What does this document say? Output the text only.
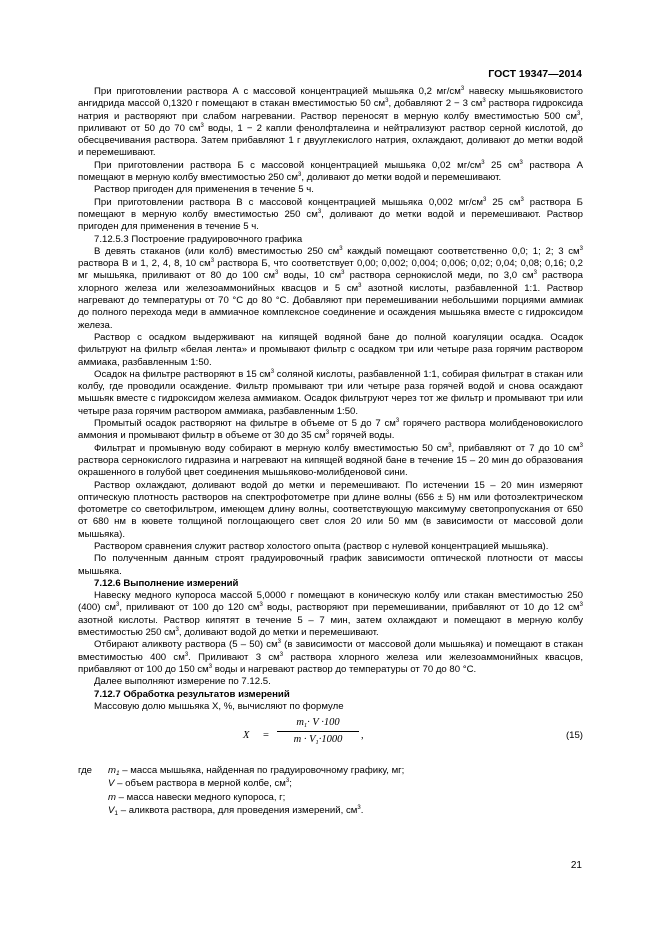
ГОСТ 19347—2014

При приготовлении раствора А с массовой концентрацией мышьяка 0,2 $мг/см^3$ навеску мышьяковистого ангидрида массой 0,1320 г помещают в стакан вместимостью 50 $см^3$, добавляют 2 − 3 $см^3$ раствора гидроксида натрия и растворяют при слабом нагревании. Раствор переносят в мерную колбу вместимостью 500 $см^3$, приливают от 50 до 70 $см^3$ воды, 1 − 2 капли фенолфталеина и нейтрализуют раствор серной кислотой, до обесцвечивания раствора. Затем прибавляют 1 г двууглекислого натрия, охлаждают, доливают до метки водой и перемешивают.

При приготовлении раствора Б с массовой концентрацией мышьяка 0,02 $мг/см^3$ 25 $см^3$ раствора А помещают в мерную колбу вместимостью 250 $см^3$, доливают до метки водой и перемешивают.

Раствор пригоден для применения в течение 5 ч.

При приготовлении раствора В с массовой концентрацией мышьяка 0,002 $мг/см^3$ 25 $см^3$ раствора Б помещают в мерную колбу вместимостью 250 $см^3$, доливают до метки водой и перемешивают. Раствор пригоден для применения в течение 5 ч.

7.12.5.3 Построение градуировочного графика

В девять стаканов (или колб) вместимостью 250 $см^3$ каждый помещают соответственно 0,0; 1; 2; 3 $см^3$ раствора В и 1, 2, 4, 8, 10 $см^3$ раствора Б, что соответствует 0,00; 0,002; 0,004; 0,006; 0,02; 0,04; 0,08; 0,16; 0,2 мг мышьяка, приливают от 80 до 100 $см^3$ воды, 10 $см^3$ раствора сернокислой меди, по 3,0 $см^3$ раствора хлорного железа или железоаммонийных квасцов и 5 $см^3$ азотной кислоты, разбавленной 1:1. Раствор нагревают до температуры от 70 °С до 80 °С. Добавляют при перемешивании небольшими порциями аммиак до полного перехода меди в аммиачное комплексное соединение и осаждения мышьяка вместе с гидроксидом железа.

Раствор с осадком выдерживают на кипящей водяной бане до полной коагуляции осадка. Осадок фильтруют на фильтр «белая лента» и промывают фильтр с осадком три или четыре раза горячим раствором аммиака, разбавленным 1:50.

Осадок на фильтре растворяют в 15 $см^3$ соляной кислоты, разбавленной 1:1, собирая фильтрат в стакан или колбу, где проводили осаждение. Фильтр промывают три или четыре раза горячей водой и снова осаждают мышьяк вместе с гидроксидом железа аммиаком. Осадок фильтруют через тот же фильтр и промывают три или четыре раза горячим раствором аммиака, разбавленным 1:50.

Промытый осадок растворяют на фильтре в объеме от 5 до 7 $см^3$ горячего раствора молибденовокислого аммония и промывают фильтр в объеме от 30 до 35 $см^3$ горячей воды.

Фильтрат и промывную воду собирают в мерную колбу вместимостью 50 $см^3$, прибавляют от 7 до 10 $см^3$ раствора сернокислого гидразина и нагревают на кипящей водяной бане в течение 15 – 20 мин до образования окрашенного в голубой цвет соединения мышьяково-молибденовой сини.

Раствор охлаждают, доливают водой до метки и перемешивают. По истечении 15 – 20 мин измеряют оптическую плотность растворов на спектрофотометре при длине волны (656 ± 5) нм или фотоэлектрическом фотометре со светофильтром, имеющем длину волны, соответствующую максимуму светопропускания от 650 от 680 нм в кювете толщиной поглощающего свет слоя 20 или 50 мм (в зависимости от массовой доли мышьяка).

Раствором сравнения служит раствор холостого опыта (раствор с нулевой концентрацией мышьяка).

По полученным данным строят градуировочный график зависимости оптической плотности от массы мышьяка.

7.12.6 Выполнение измерений

Навеску медного купороса массой 5,0000 г помещают в коническую колбу или стакан вместимостью 250 (400) $см^3$, приливают от 100 до 120 $см^3$ воды, растворяют при перемешивании, прибавляют от 10 до 12 $см^3$ азотной кислоты. Раствор кипятят в течение 5 – 7 мин, затем охлаждают и помещают в мерную колбу вместимостью 250 $см^3$, доливают водой до метки и перемешивают.

Отбирают аликвоту раствора (5 – 50) $см^3$ (в зависимости от массовой доли мышьяка) и помещают в стакан вместимостью 400 $см^3$. Приливают 3 $см^3$ раствора хлорного железа или железоаммонийных квасцов, прибавляют от 100 до 150 $см^3$ воды и нагревают раствор до температуры от 70 до 80 °С.

Далее выполняют измерение по 7.12.5.

7.12.7 Обработка результатов измерений

Массовую долю мышьяка Х, %, вычисляют по формуле

X =
$m_1\cdot V \cdot 100$
$m \cdot V_1\cdot 1000$	,	(15)
где	$m_1$ – масса мышьяка, найденная по градуировочному графику, мг;
V – объем раствора в мерной колбе, $см^3$;
m – масса навески медного купороса, г;
$V_1$ – аликвота раствора, для проведения измерений, $см^3$.
21
